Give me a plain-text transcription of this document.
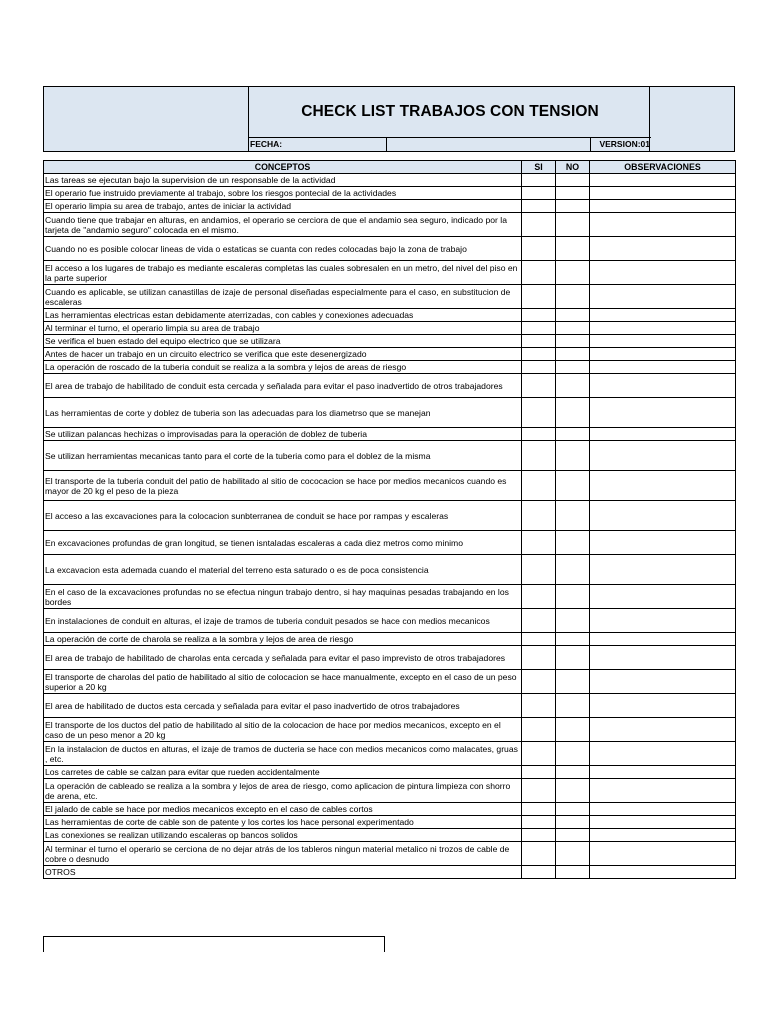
CHECK LIST TRABAJOS CON TENSION
FECHA:	VERSION:01
CONCEPTOS	SI	NO	OBSERVACIONES
Las tareas se ejecutan bajo la supervision de un responsable de la actividad			
El operario fue instruido previamente al trabajo, sobre los riesgos pontecial de la actividades			
El operario limpia su area de trabajo, antes de iniciar la actividad			
Cuando tiene que trabajar en alturas, en andamios, el operario se cerciora de que el andamio sea seguro, indicado por la tarjeta de "andamio seguro" colocada en el mismo.			
Cuando no es posible colocar lineas de vida o estaticas se cuanta con redes colocadas bajo la zona de trabajo			
El acceso a los lugares de trabajo es mediante escaleras completas las cuales sobresalen en un metro, del nivel del piso en la parte superior			
Cuando es aplicable, se utilizan canastillas de izaje de personal diseñadas especialmente para el caso, en substitucion de escaleras			
Las herramientas electricas estan debidamente aterrizadas, con cables y conexiones adecuadas			
Al terminar el turno, el operario limpia su area de trabajo			
Se verifica el buen estado del equipo electrico que se utilizara			
Antes de hacer un trabajo en un circuito electrico se verifica que este desenergizado			
La operación de roscado de la tuberia conduit se realiza a la sombra y lejos de areas de riesgo			
El area de trabajo de habilitado de conduit esta cercada y señalada para evitar el paso inadvertido de otros trabajadores			
Las herramientas de corte y doblez de tuberia son las adecuadas para los diametrso que se manejan			
Se utilizan palancas hechizas o improvisadas para la operación de doblez de tuberia			
Se utilizan herramientas mecanicas tanto para el corte de la tuberia como para el doblez de la misma			
El transporte de la tuberia conduit del patio de habilitado al sitio de cococacion se hace por medios mecanicos cuando es mayor de 20 kg el peso de la pieza			
El acceso a las excavaciones para la colocacion sunbterranea de conduit se hace por rampas y escaleras			
En excavaciones profundas de gran longitud, se tienen isntaladas escaleras a cada diez metros como minimo			
La excavacion esta ademada cuando el material del terreno esta saturado o es de poca consistencia			
En el caso de la excavaciones profundas no se efectua ningun trabajo dentro, si hay maquinas pesadas trabajando en los bordes			
En instalaciones de conduit en alturas, el izaje de tramos de tuberia conduit pesados se hace con medios mecanicos			
La operación de corte de charola se realiza a la sombra y lejos de area de riesgo			
El area de trabajo de habilitado de charolas enta cercada y señalada para evitar el paso imprevisto de otros trabajadores			
El transporte de charolas del patio de habilitado al sitio de colocacion se hace manualmente, excepto en el caso de un peso superior a 20 kg			
El area de habilitado de ductos esta cercada y señalada para evitar el paso inadvertido de otros trabajadores			
El transporte de los ductos del patio de habilitado al sitio de la colocacion de hace por medios mecanicos, excepto en el caso de un peso menor a 20 kg			
En la instalacion de ductos en alturas, el izaje de tramos de ducteria se hace con medios mecanicos como malacates, gruas , etc.			
Los carretes de cable se calzan para evitar que rueden accidentalmente			
La operación de cableado se realiza a la sombra y lejos de area de riesgo, como aplicacion de pintura limpieza con shorro de arena, etc.			
El jalado de cable se hace por medios mecanicos excepto en el caso de cables cortos			
Las herramientas de corte de cable son de patente y los cortes los hace personal experimentado			
Las conexiones se realizan utilizando escaleras op bancos solidos			
Al terminar el turno el operario se cerciona de no dejar atrás de los tableros ningun material metalico ni trozos de cable de cobre o desnudo			
OTROS			
